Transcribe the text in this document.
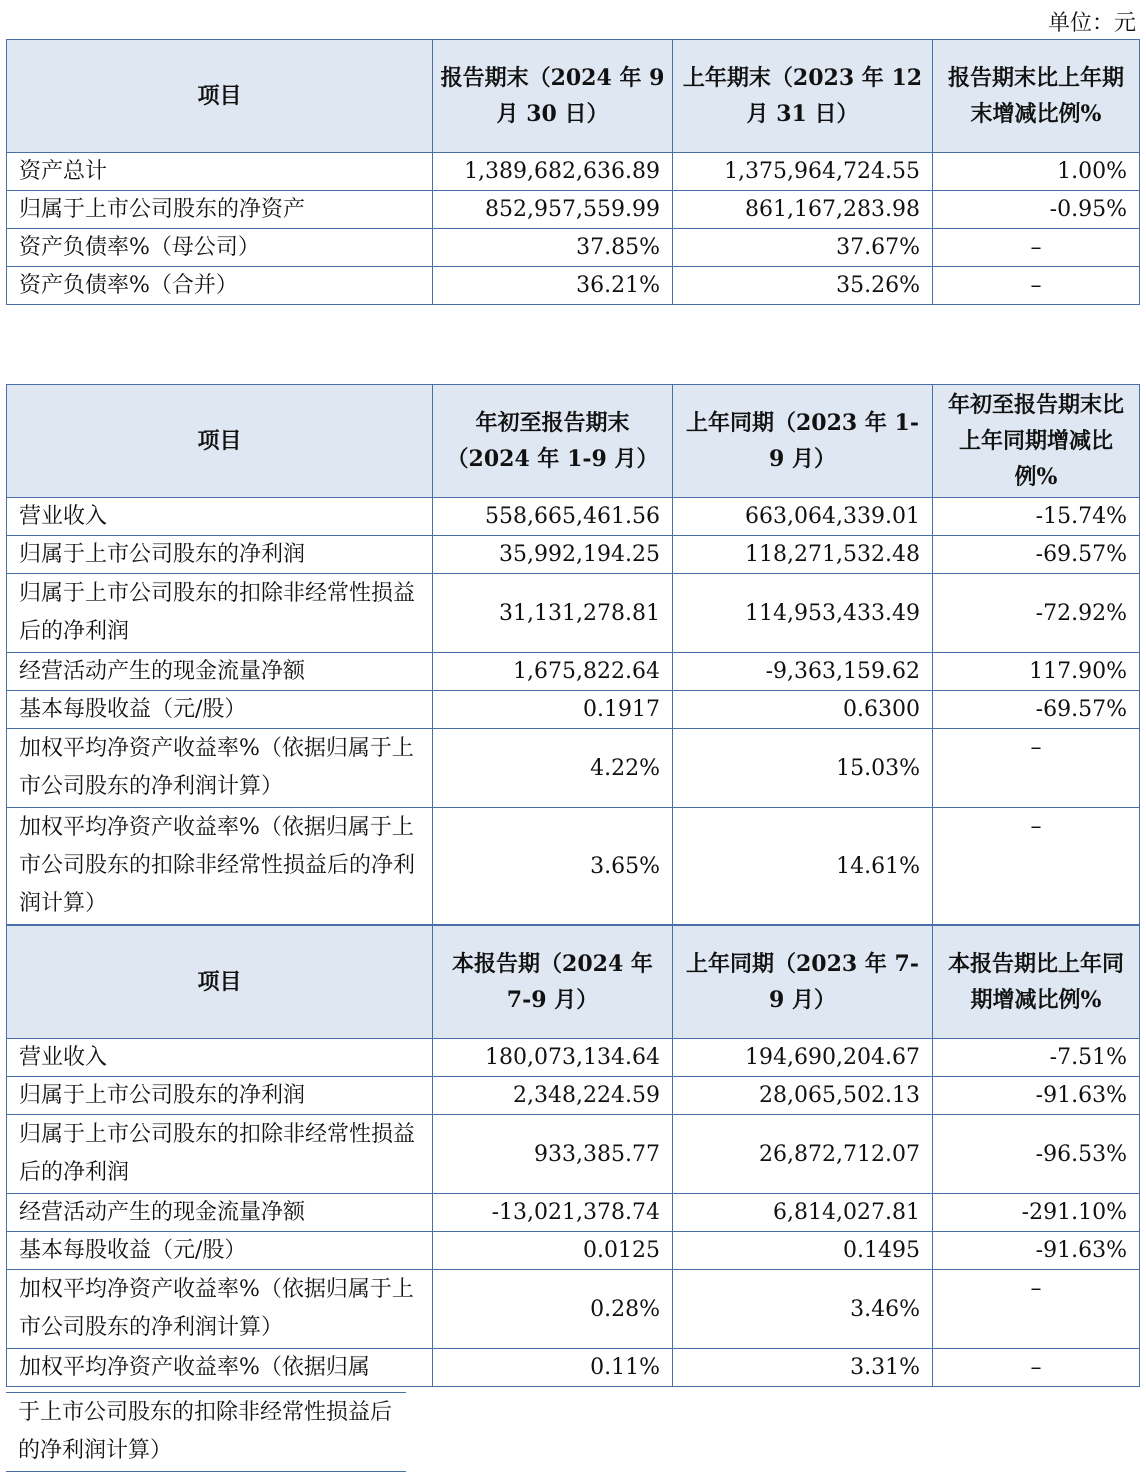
单位：元
项目	报告期末（2024 年 9 月 30 日）	上年期末（2023 年 12 月 31 日）	报告期末比上年期末增减比例%
资产总计	1,389,682,636.89	1,375,964,724.55	1.00%
归属于上市公司股东的净资产	852,957,559.99	861,167,283.98	-0.95%
资产负债率%（母公司）	37.85%	37.67%	–
资产负债率%（合并）	36.21%	35.26%	–
项目	年初至报告期末（2024 年 1-9 月）	上年同期（2023 年 1-9 月）	年初至报告期末比上年同期增减比例%
营业收入	558,665,461.56	663,064,339.01	-15.74%
归属于上市公司股东的净利润	35,992,194.25	118,271,532.48	-69.57%
归属于上市公司股东的扣除非经常性损益后的净利润	31,131,278.81	114,953,433.49	-72.92%
经营活动产生的现金流量净额	1,675,822.64	-9,363,159.62	117.90%
基本每股收益（元/股）	0.1917	0.6300	-69.57%
加权平均净资产收益率%（依据归属于上市公司股东的净利润计算）	4.22%	15.03%	–
加权平均净资产收益率%（依据归属于上市公司股东的扣除非经常性损益后的净利润计算）	3.65%	14.61%	–
项目	本报告期（2024 年 7-9 月）	上年同期（2023 年 7-9 月）	本报告期比上年同期增减比例%
营业收入	180,073,134.64	194,690,204.67	-7.51%
归属于上市公司股东的净利润	2,348,224.59	28,065,502.13	-91.63%
归属于上市公司股东的扣除非经常性损益后的净利润	933,385.77	26,872,712.07	-96.53%
经营活动产生的现金流量净额	-13,021,378.74	6,814,027.81	-291.10%
基本每股收益（元/股）	0.0125	0.1495	-91.63%
加权平均净资产收益率%（依据归属于上市公司股东的净利润计算）	0.28%	3.46%	–
加权平均净资产收益率%（依据归属	0.11%	3.31%	–
于上市公司股东的扣除非经常性损益后的净利润计算）
